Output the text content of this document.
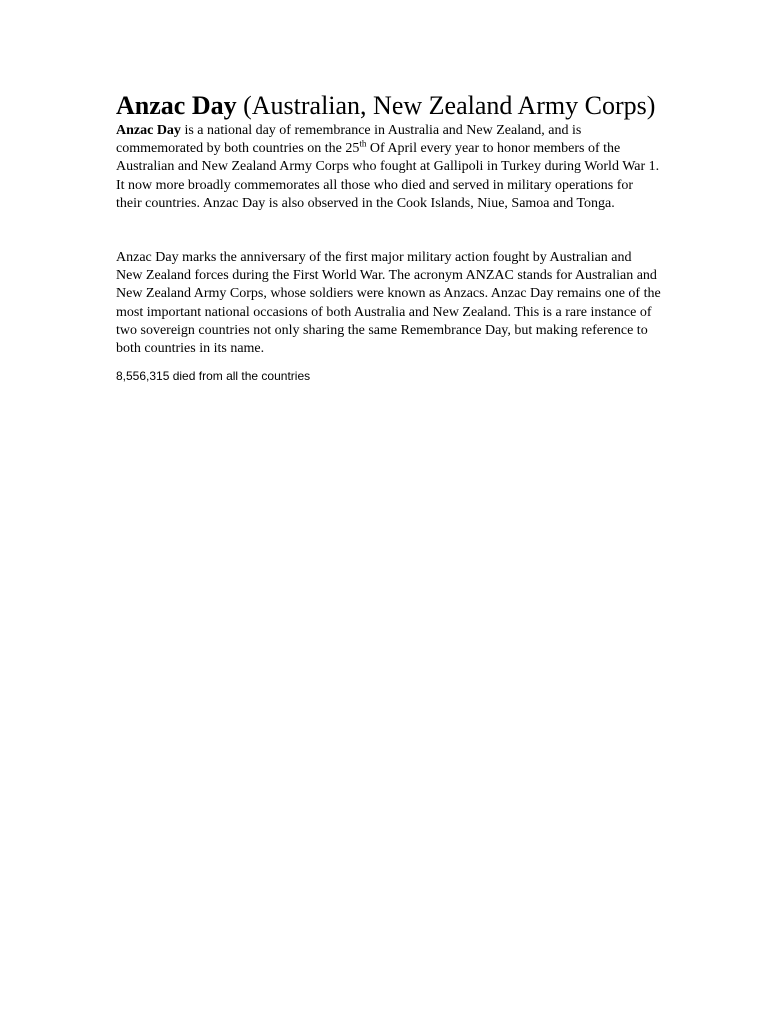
Anzac Day (Australian, New Zealand Army Corps)

Anzac Day is a national day of remembrance in Australia and New Zealand, and is commemorated by both countries on the 25th Of April every year to honor members of the Australian and New Zealand Army Corps who fought at Gallipoli in Turkey during World War 1. It now more broadly commemorates all those who died and served in military operations for their countries. Anzac Day is also observed in the Cook Islands, Niue, Samoa and Tonga.

Anzac Day marks the anniversary of the first major military action fought by Australian and New Zealand forces during the First World War. The acronym ANZAC stands for Australian and New Zealand Army Corps, whose soldiers were known as Anzacs. Anzac Day remains one of the most important national occasions of both Australia and New Zealand. This is a rare instance of two sovereign countries not only sharing the same Remembrance Day, but making reference to both countries in its name.

8,556,315 died from all the countries
